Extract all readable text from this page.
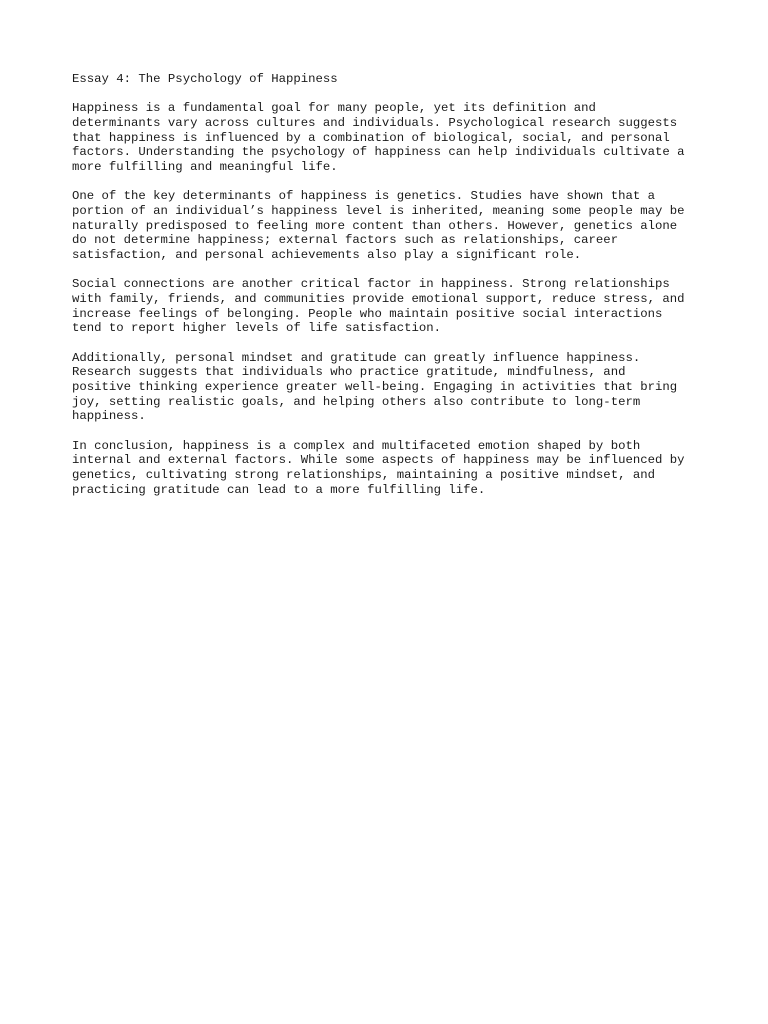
Essay 4: The Psychology of Happiness
Happiness is a fundamental goal for many people, yet its definition and
determinants vary across cultures and individuals. Psychological research suggests
that happiness is influenced by a combination of biological, social, and personal
factors. Understanding the psychology of happiness can help individuals cultivate a
more fulfilling and meaningful life.
One of the key determinants of happiness is genetics. Studies have shown that a
portion of an individual’s happiness level is inherited, meaning some people may be
naturally predisposed to feeling more content than others. However, genetics alone
do not determine happiness; external factors such as relationships, career
satisfaction, and personal achievements also play a significant role.
Social connections are another critical factor in happiness. Strong relationships
with family, friends, and communities provide emotional support, reduce stress, and
increase feelings of belonging. People who maintain positive social interactions
tend to report higher levels of life satisfaction.
Additionally, personal mindset and gratitude can greatly influence happiness.
Research suggests that individuals who practice gratitude, mindfulness, and
positive thinking experience greater well-being. Engaging in activities that bring
joy, setting realistic goals, and helping others also contribute to long-term
happiness.
In conclusion, happiness is a complex and multifaceted emotion shaped by both
internal and external factors. While some aspects of happiness may be influenced by
genetics, cultivating strong relationships, maintaining a positive mindset, and
practicing gratitude can lead to a more fulfilling life.
